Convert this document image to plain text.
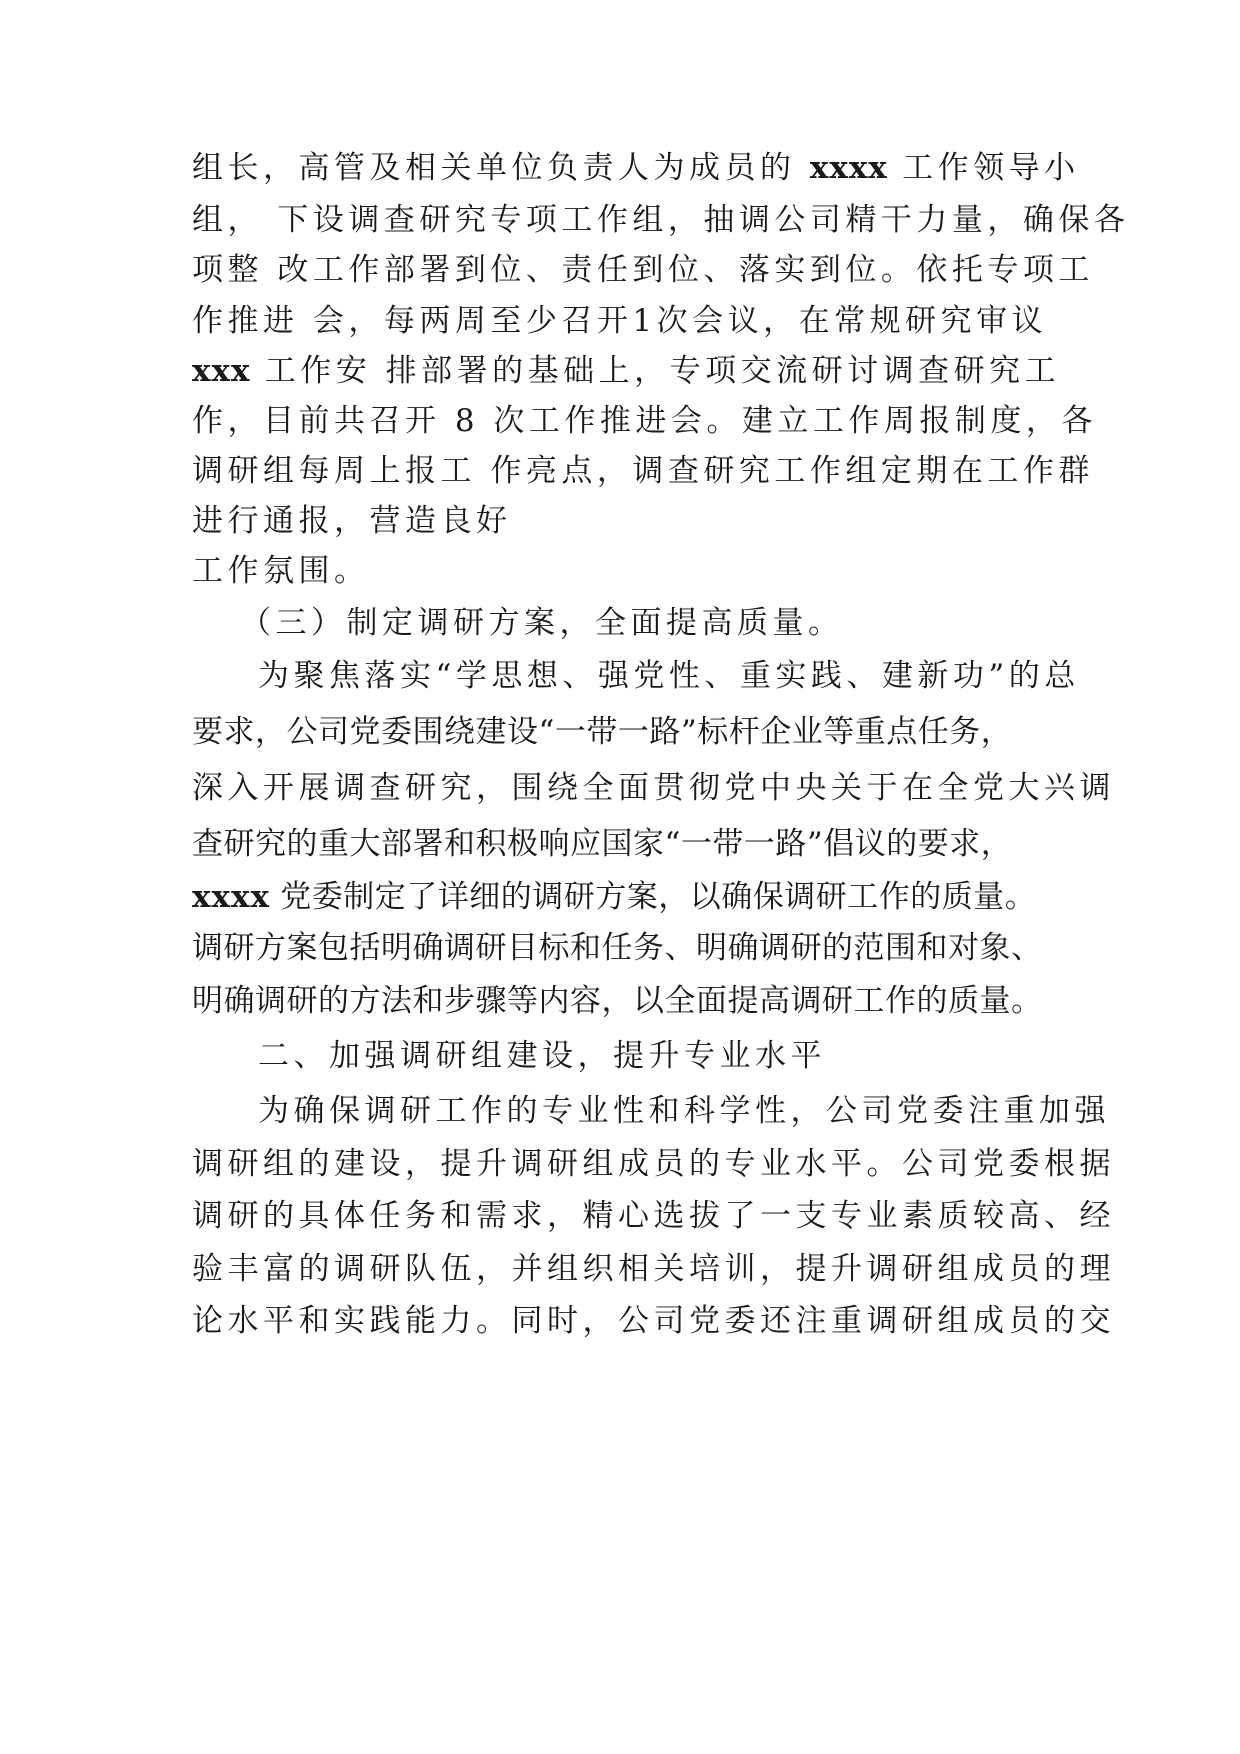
组长，高管及相关单位负责人为成员的 xxxx 工作领导小
组， 下设调查研究专项工作组，抽调公司精干力量，确保各
项整 改工作部署到位、责任到位、落实到位。依托专项工
作推进 会，每两周至少召开1次会议，在常规研究审议
xxx 工作安 排部署的基础上，专项交流研讨调查研究工
作，目前共召开 8 次工作推进会。建立工作周报制度，各
调研组每周上报工 作亮点，调查研究工作组定期在工作群
进行通报，营造良好
工作氛围。
（三）制定调研方案，全面提高质量。
为聚焦落实“学思想、强党性、重实践、建新功”的总
要求，公司党委围绕建设“一带一路”标杆企业等重点任务，
深入开展调查研究，围绕全面贯彻党中央关于在全党大兴调
查研究的重大部署和积极响应国家“一带一路”倡议的要求，
xxxx 党委制定了详细的调研方案，以确保调研工作的质量。
调研方案包括明确调研目标和任务、明确调研的范围和对象、
明确调研的方法和步骤等内容，以全面提高调研工作的质量。
二、加强调研组建设，提升专业水平
为确保调研工作的专业性和科学性，公司党委注重加强
调研组的建设，提升调研组成员的专业水平。公司党委根据
调研的具体任务和需求，精心选拔了一支专业素质较高、经
验丰富的调研队伍，并组织相关培训，提升调研组成员的理
论水平和实践能力。同时，公司党委还注重调研组成员的交
